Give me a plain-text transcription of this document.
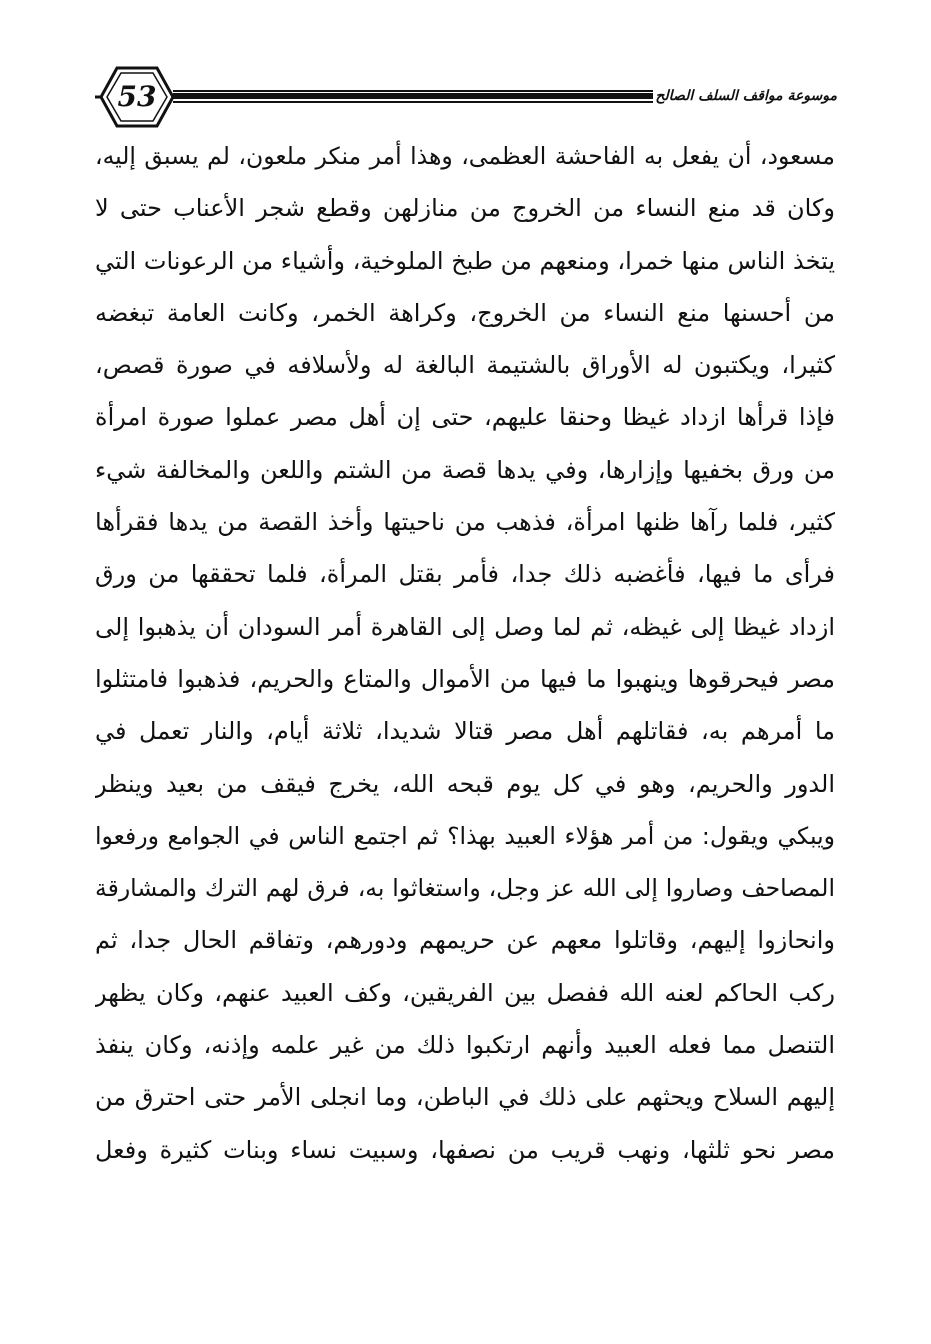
53	موسوعة مواقف السلف الصالح
مسعود، أن يفعل به الفاحشة العظمى، وهذا أمر منكر ملعون، لم يسبق إليه،
وكان قد منع النساء من الخروج من منازلهن وقطع شجر الأعناب حتى لا
يتخذ الناس منها خمرا، ومنعهم من طبخ الملوخية، وأشياء من الرعونات التي
من أحسنها منع النساء من الخروج، وكراهة الخمر، وكانت العامة تبغضه
كثيرا، ويكتبون له الأوراق بالشتيمة البالغة له ولأسلافه في صورة قصص،
فإذا قرأها ازداد غيظا وحنقا عليهم، حتى إن أهل مصر عملوا صورة امرأة
من ورق بخفيها وإزارها، وفي يدها قصة من الشتم واللعن والمخالفة شيء
كثير، فلما رآها ظنها امرأة، فذهب من ناحيتها وأخذ القصة من يدها فقرأها
فرأى ما فيها، فأغضبه ذلك جدا، فأمر بقتل المرأة، فلما تحققها من ورق
ازداد غيظا إلى غيظه، ثم لما وصل إلى القاهرة أمر السودان أن يذهبوا إلى
مصر فيحرقوها وينهبوا ما فيها من الأموال والمتاع والحريم، فذهبوا فامتثلوا
ما أمرهم به، فقاتلهم أهل مصر قتالا شديدا، ثلاثة أيام، والنار تعمل في
الدور والحريم، وهو في كل يوم قبحه الله، يخرج فيقف من بعيد وينظر
ويبكي ويقول: من أمر هؤلاء العبيد بهذا؟ ثم اجتمع الناس في الجوامع ورفعوا
المصاحف وصاروا إلى الله عز وجل، واستغاثوا به، فرق لهم الترك والمشارقة
وانحازوا إليهم، وقاتلوا معهم عن حريمهم ودورهم، وتفاقم الحال جدا، ثم
ركب الحاكم لعنه الله ففصل بين الفريقين، وكف العبيد عنهم، وكان يظهر
التنصل مما فعله العبيد وأنهم ارتكبوا ذلك من غير علمه وإذنه، وكان ينفذ
إليهم السلاح ويحثهم على ذلك في الباطن، وما انجلى الأمر حتى احترق من
مصر نحو ثلثها، ونهب قريب من نصفها، وسبيت نساء وبنات كثيرة وفعل
